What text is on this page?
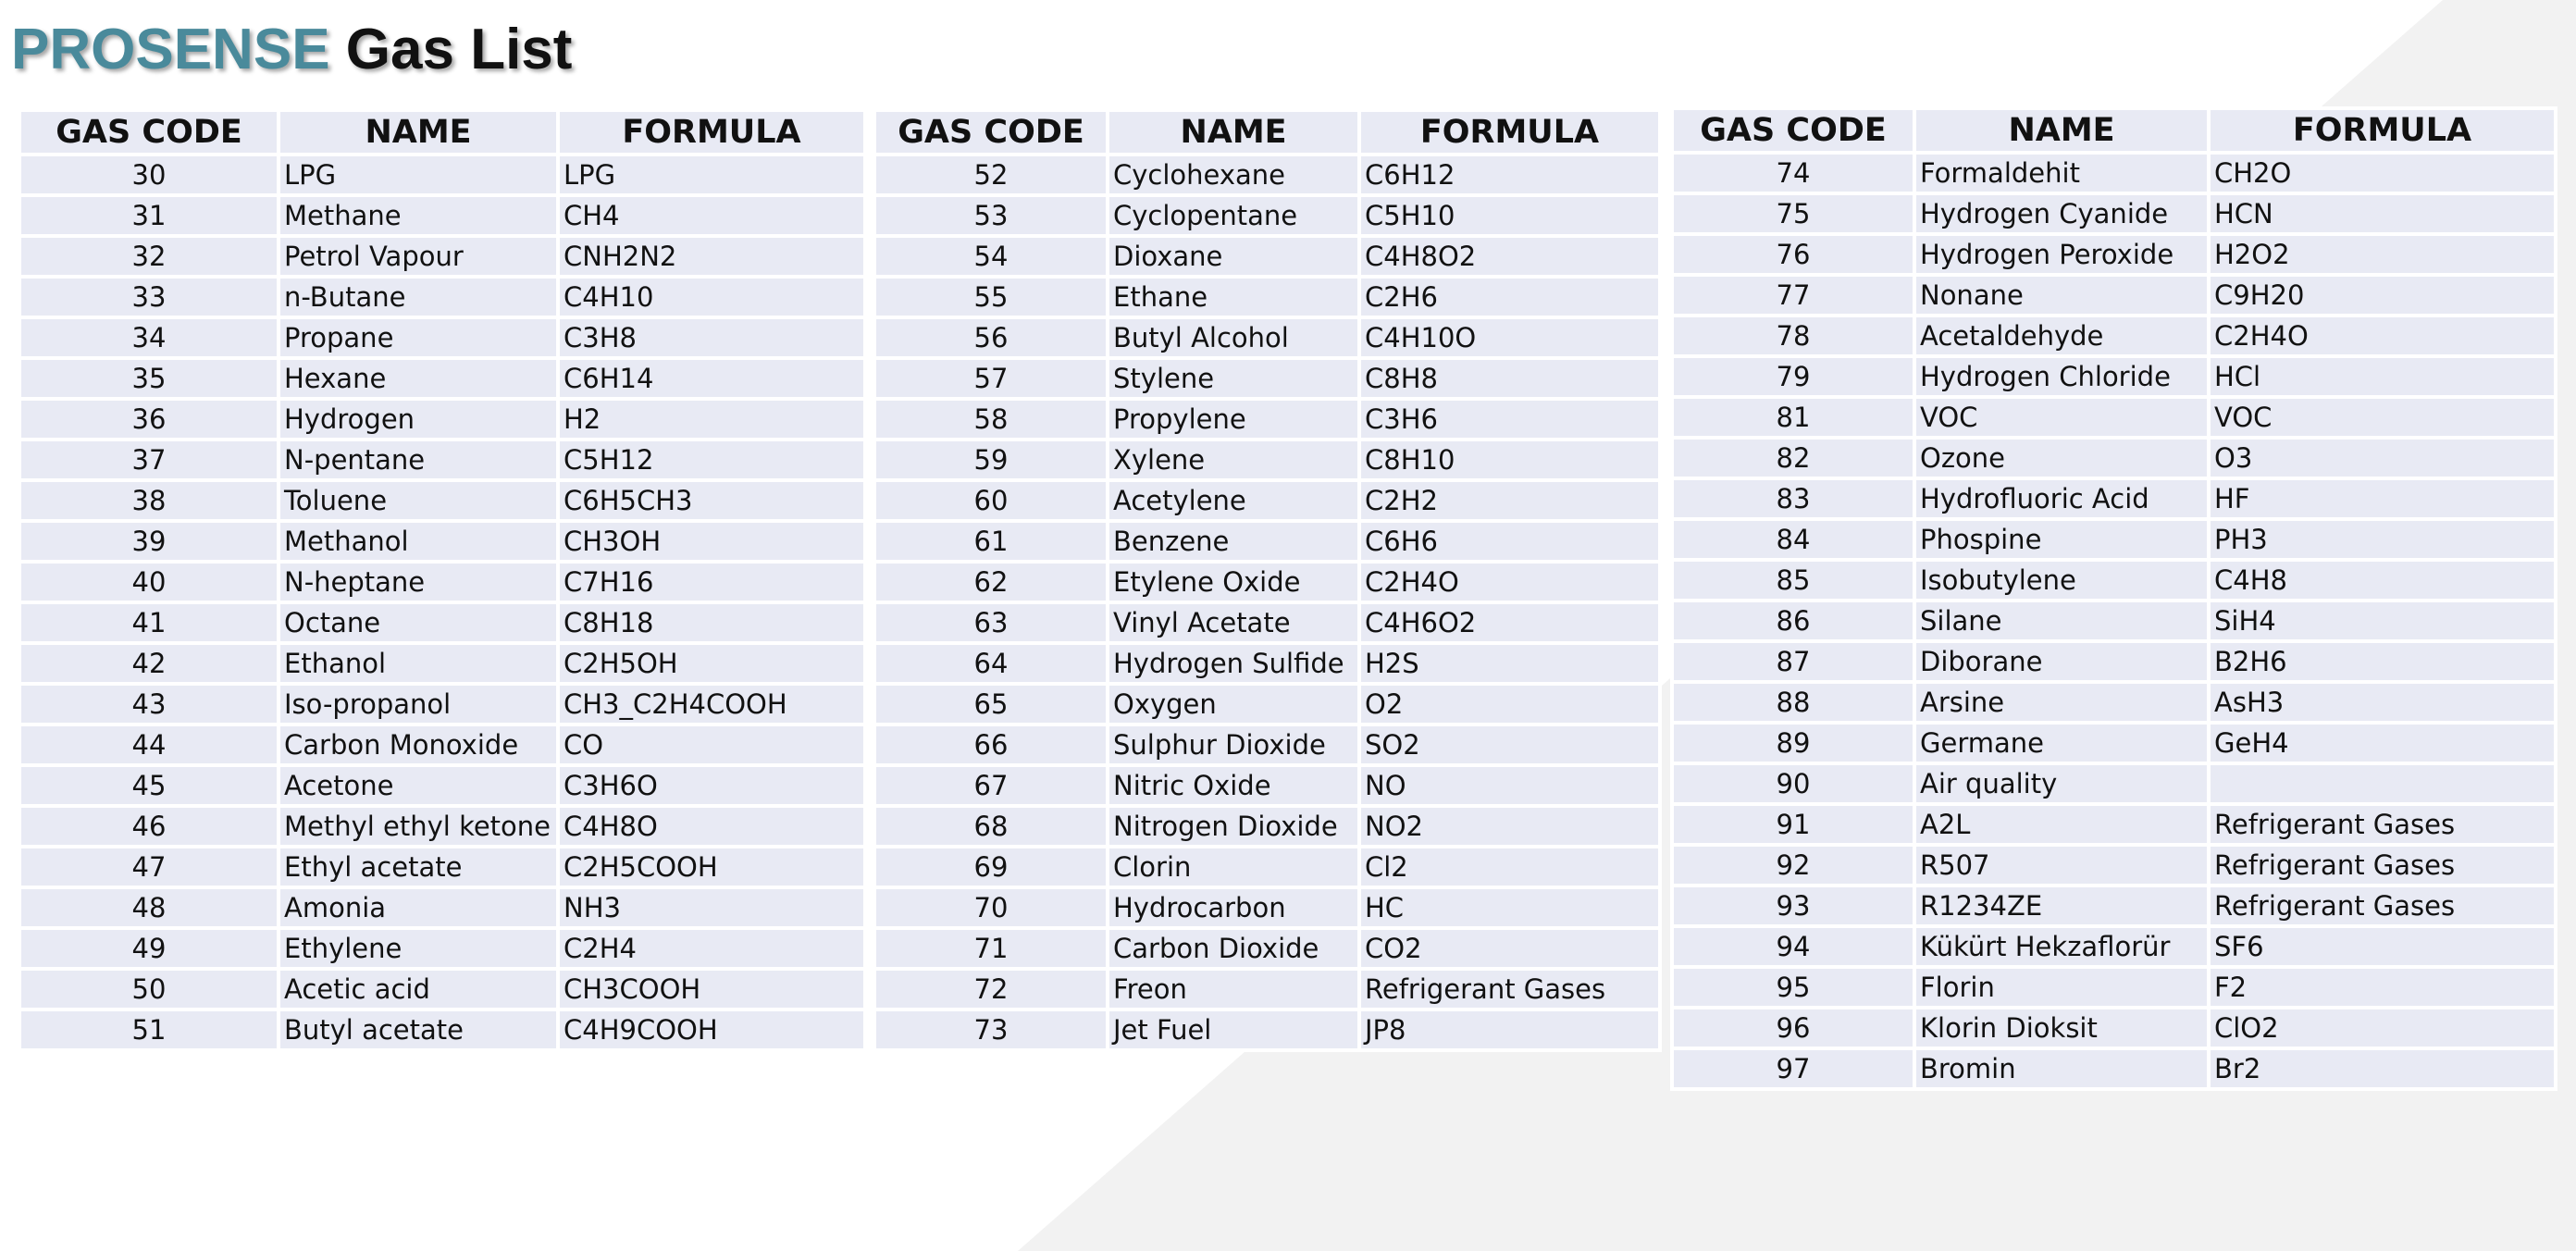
PROSENSE Gas List
GAS CODE	NAME	FORMULA
30	LPG	LPG
31	Methane	CH4
32	Petrol Vapour	CNH2N2
33	n-Butane	C4H10
34	Propane	C3H8
35	Hexane	C6H14
36	Hydrogen	H2
37	N-pentane	C5H12
38	Toluene	C6H5CH3
39	Methanol	CH3OH
40	N-heptane	C7H16
41	Octane	C8H18
42	Ethanol	C2H5OH
43	Iso-propanol	CH3_C2H4COOH
44	Carbon Monoxide	CO
45	Acetone	C3H6O
46	Methyl ethyl ketone	C4H8O
47	Ethyl acetate	C2H5COOH
48	Amonia	NH3
49	Ethylene	C2H4
50	Acetic acid	CH3COOH
51	Butyl acetate	C4H9COOH
GAS CODE	NAME	FORMULA
52	Cyclohexane	C6H12
53	Cyclopentane	C5H10
54	Dioxane	C4H8O2
55	Ethane	C2H6
56	Butyl Alcohol	C4H10O
57	Stylene	C8H8
58	Propylene	C3H6
59	Xylene	C8H10
60	Acetylene	C2H2
61	Benzene	C6H6
62	Etylene Oxide	C2H4O
63	Vinyl Acetate	C4H6O2
64	Hydrogen Sulfide	H2S
65	Oxygen	O2
66	Sulphur Dioxide	SO2
67	Nitric Oxide	NO
68	Nitrogen Dioxide	NO2
69	Clorin	Cl2
70	Hydrocarbon	HC
71	Carbon Dioxide	CO2
72	Freon	Refrigerant Gases
73	Jet Fuel	JP8
GAS CODE	NAME	FORMULA
74	Formaldehit	CH2O
75	Hydrogen Cyanide	HCN
76	Hydrogen Peroxide	H2O2
77	Nonane	C9H20
78	Acetaldehyde	C2H4O
79	Hydrogen Chloride	HCl
81	VOC	VOC
82	Ozone	O3
83	Hydrofluoric Acid	HF
84	Phospine	PH3
85	Isobutylene	C4H8
86	Silane	SiH4
87	Diborane	B2H6
88	Arsine	AsH3
89	Germane	GeH4
90	Air quality	
91	A2L	Refrigerant Gases
92	R507	Refrigerant Gases
93	R1234ZE	Refrigerant Gases
94	Kükürt Hekzaflorür	SF6
95	Florin	F2
96	Klorin Dioksit	ClO2
97	Bromin	Br2
